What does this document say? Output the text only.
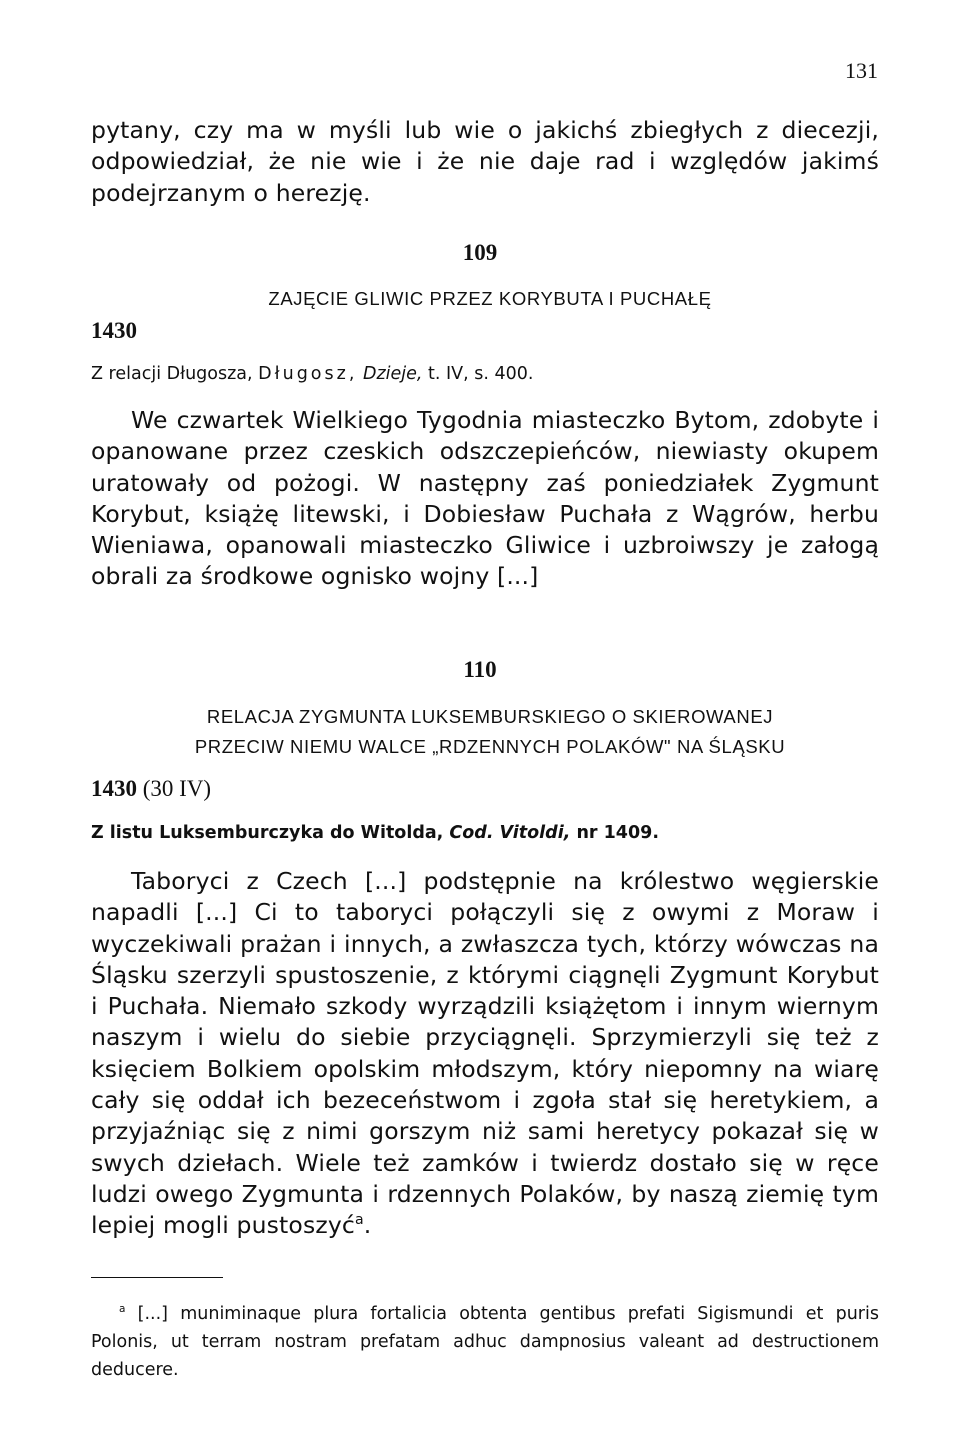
131
pytany, czy ma w myśli lub wie o jakichś zbiegłych z diecezji, odpowiedział, że nie wie i że nie daje rad i względów jakimś podejrzanym o herezję.
109
ZAJĘCIE GLIWIC PRZEZ KORYBUTA I PUCHAŁĘ
1430
Z relacji Długosza, Długosz, Dzieje, t. IV, s. 400.
We czwartek Wielkiego Tygodnia miasteczko Bytom, zdobyte i opanowane przez czeskich odszczepieńców, niewiasty okupem uratowały od pożogi. W następny zaś poniedziałek Zygmunt Korybut, książę litewski, i Dobiesław Puchała z Wągrów, herbu Wieniawa, opanowali miasteczko Gliwice i uzbroiwszy je załogą obrali za środkowe ognisko wojny [...]
110
RELACJA ZYGMUNTA LUKSEMBURSKIEGO O SKIEROWANEJ
PRZECIW NIEMU WALCE „RDZENNYCH POLAKÓW" NA ŚLĄSKU
1430 (30 IV)
Z listu Luksemburczyka do Witolda, Cod. Vitoldi, nr 1409.
Taboryci z Czech [...] podstępnie na królestwo węgierskie napadli [...] Ci to taboryci połączyli się z owymi z Moraw i wyczekiwali prażan i innych, a zwłaszcza tych, którzy wówczas na Śląsku szerzyli spustoszenie, z którymi ciągnęli Zygmunt Korybut i Puchała. Niemało szkody wyrządzili książętom i innym wiernym naszym i wielu do siebie przyciągnęli. Sprzymierzyli się też z księciem Bolkiem opolskim młodszym, który niepomny na wiarę cały się oddał ich bezeceństwom i zgoła stał się heretykiem, a przyjaźniąc się z nimi gorszym niż sami heretycy pokazał się w swych dziełach. Wiele też zamków i twierdz dostało się w ręce ludzi owego Zygmunta i rdzennych Polaków, by naszą ziemię tym lepiej mogli pustoszyć$^a$.
$^a$ [...] muniminaque plura fortalicia obtenta gentibus prefati Sigismundi et puris Polonis, ut terram nostram prefatam adhuc dampnosius valeant ad destructionem deducere.
